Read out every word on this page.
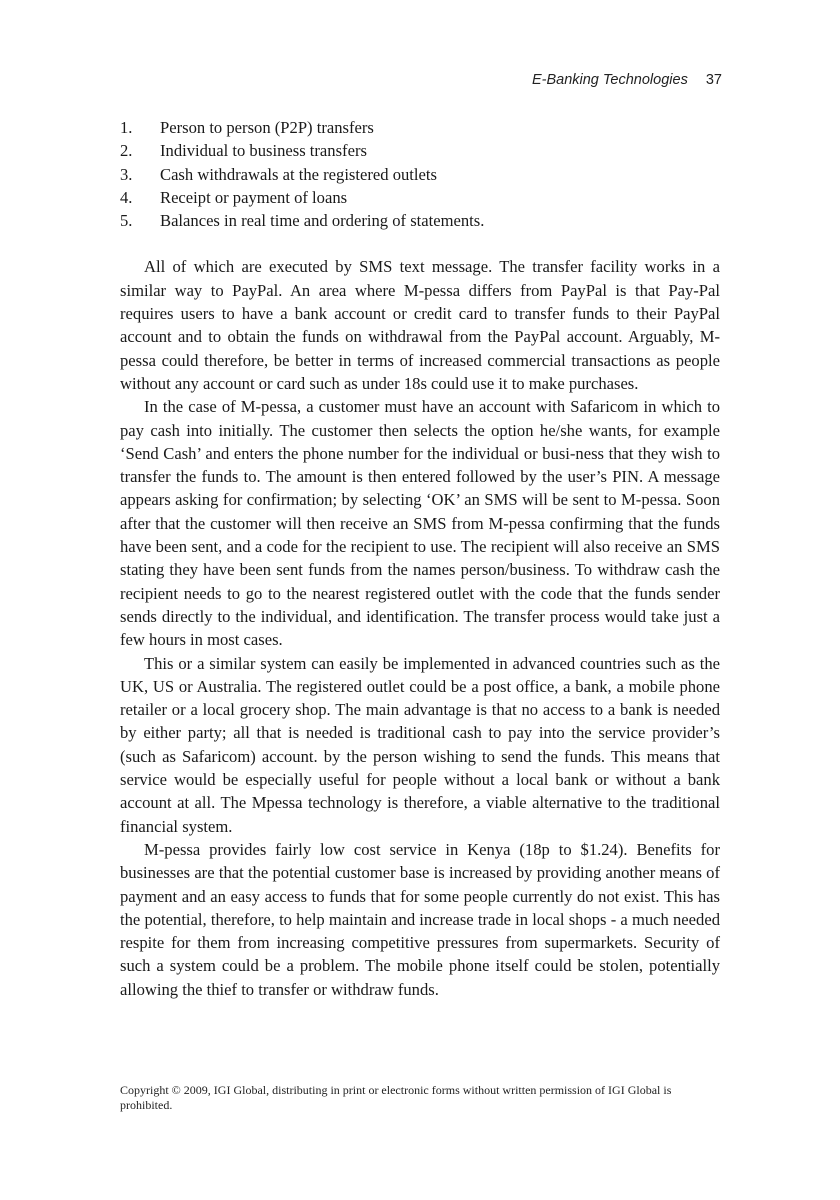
E-Banking Technologies 37
1.	Person to person (P2P) transfers
2.	Individual to business transfers
3.	Cash withdrawals at the registered outlets
4.	Receipt or payment of loans
5.	Balances in real time and ordering of statements.

All of which are executed by SMS text message. The transfer facility works in a similar way to PayPal. An area where M-pessa differs from PayPal is that Pay-Pal requires users to have a bank account or credit card to transfer funds to their PayPal account and to obtain the funds on withdrawal from the PayPal account. Arguably, M-pessa could therefore, be better in terms of increased commercial transactions as people without any account or card such as under 18s could use it to make purchases.

In the case of M-pessa, a customer must have an account with Safaricom in which to pay cash into initially. The customer then selects the option he/she wants, for example ‘Send Cash’ and enters the phone number for the individual or busi-ness that they wish to transfer the funds to. The amount is then entered followed by the user’s PIN. A message appears asking for confirmation; by selecting ‘OK’ an SMS will be sent to M-pessa. Soon after that the customer will then receive an SMS from M-pessa confirming that the funds have been sent, and a code for the recipient to use. The recipient will also receive an SMS stating they have been sent funds from the names person/business. To withdraw cash the recipient needs to go to the nearest registered outlet with the code that the funds sender sends directly to the individual, and identification. The transfer process would take just a few hours in most cases.

This or a similar system can easily be implemented in advanced countries such as the UK, US or Australia. The registered outlet could be a post office, a bank, a mobile phone retailer or a local grocery shop. The main advantage is that no access to a bank is needed by either party; all that is needed is traditional cash to pay into the service provider’s (such as Safaricom) account. by the person wishing to send the funds. This means that service would be especially useful for people without a local bank or without a bank account at all. The Mpessa technology is therefore, a viable alternative to the traditional financial system.

M-pessa provides fairly low cost service in Kenya (18p to $1.24). Benefits for businesses are that the potential customer base is increased by providing another means of payment and an easy access to funds that for some people currently do not exist. This has the potential, therefore, to help maintain and increase trade in local shops - a much needed respite for them from increasing competitive pressures from supermarkets. Security of such a system could be a problem. The mobile phone itself could be stolen, potentially allowing the thief to transfer or withdraw funds.

Copyright © 2009, IGI Global, distributing in print or electronic forms without written permission of IGI Global is prohibited.
